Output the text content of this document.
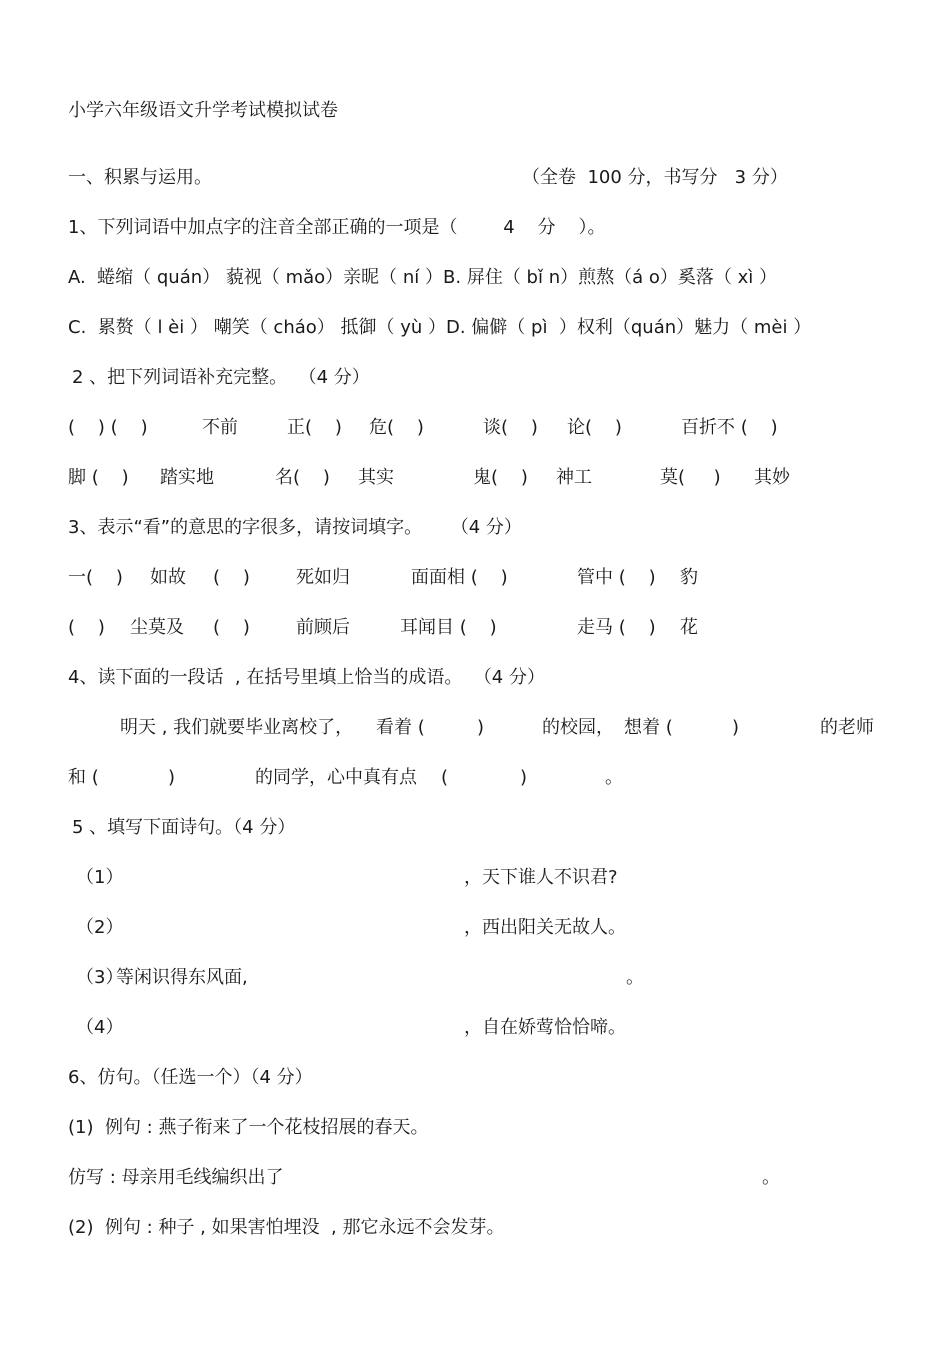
小学六年级语文升学考试模拟试卷
一、积累与运用。	（全卷  100 分，书写分   3 分）
1、下列词语中加点字的注音全部正确的一项是（        4    分    ）。
A.  蜷缩（ quán） 藐视（ mǎo）亲昵（ ní ）B. 屏住（ bǐ n）煎熬（á o）奚落（ xì ）
C.  累赘（ l èi ） 嘲笑（ cháo） 抵御（ yù ）D. 偏僻（ pì  ）权利（quán）魅力（ mèi ）
2 、把下列词语补充完整。  （4 分）
(    ) (    )	不前	正(    ) 危(    )	谈(    ) 论(    )	百折不 (    )
脚 (    ) 踏实地	名(    ) 其实	鬼(    ) 神工	莫(     ) 其妙
3、表示“看”的意思的字很多，请按词填字。     （4 分）
一(    ) 如故 (    )	死如归	面面相 (    )	管中 (    ) 豹
(    ) 尘莫及 (    )	前顾后	耳闻目 (    )	走马 (    ) 花
4、读下面的一段话  , 在括号里填上恰当的成语。  （4 分）
明天 , 我们就要毕业离校了， 看着 (	)	的校园， 想着 (	)	的老师
和 (	)	的同学，心中真有点 (	)	。
5 、填写下面诗句。（4 分）
（1）	，天下谁人不识君?
（2）	，西出阳关无故人。
（3）
等闲识得东风面,	。
（4）	，自在娇莺恰恰啼。
6、仿句。（任选一个）（4 分）
(1)  例句 : 燕子衔来了一个花枝招展的春天。
仿写 : 母亲用毛线编织出了	。
(2)  例句 : 种子 , 如果害怕埋没  , 那它永远不会发芽。
